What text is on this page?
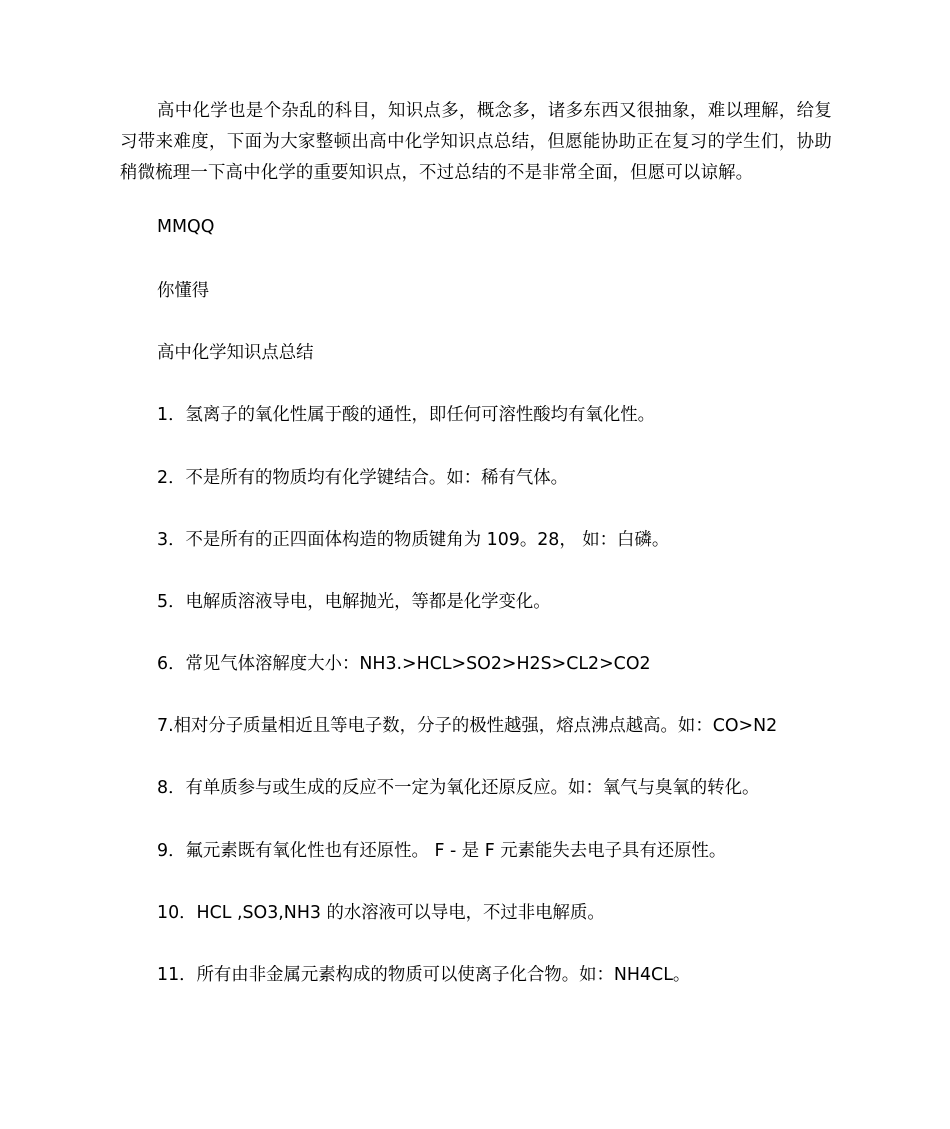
高中化学也是个杂乱的科目，知识点多，概念多，诸多东西又很抽象，难以理解，给复习带来难度，下面为大家整顿出高中化学知识点总结，但愿能协助正在复习的学生们，协助稍微梳理一下高中化学的重要知识点，不过总结的不是非常全面，但愿可以谅解。

MMQQ

你懂得

高中化学知识点总结

1．氢离子的氧化性属于酸的通性，即任何可溶性酸均有氧化性。

2．不是所有的物质均有化学键结合。如：稀有气体。

3．不是所有的正四面体构造的物质键角为 109。28， 如：白磷。

5．电解质溶液导电，电解抛光，等都是化学变化。

6．常见气体溶解度大小：NH3.>HCL>SO2>H2S>CL2>CO2

7.相对分子质量相近且等电子数，分子的极性越强，熔点沸点越高。如：CO>N2

8．有单质参与或生成的反应不一定为氧化还原反应。如：氧气与臭氧的转化。

9．氟元素既有氧化性也有还原性。 F - 是 F 元素能失去电子具有还原性。

10．HCL ,SO3,NH3 的水溶液可以导电，不过非电解质。

11．所有由非金属元素构成的物质可以使离子化合物。如：NH4CL。
